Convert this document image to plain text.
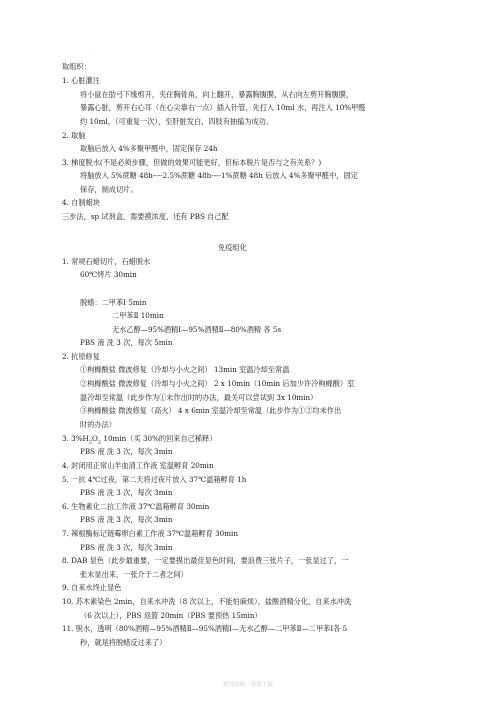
.
取组织：
1. 心脏灌注
将小鼠在肋弓下缘剪开，夹住胸骨角，向上翻开，暴露胸腹膜，从右向左剪开胸腹膜，
暴露心脏，剪开右心耳（在心尖靠右一点）插入针管，先打入 10ml 水，再注入 10%甲醛
约 10ml，（可重复一次），至肝脏发白，四肢有抽搐为成功。
2. 取脑
取脑后放入 4%多聚甲醛中，固定保存 24h
3. 梯度脱水(不是必须步骤，但做的效果可能更好，但标本脱片是否与之有关系？)
将脑放入 5%蔗糖 48h----2.5%蔗糖 48h----1%蔗糖 48h 后放入 4%多聚甲醛中，固定
保存，制成切片。
4. 自制蜡块
三步法，sp 试剂盒，需要摸浓度，还有 PBS 自己配
免疫组化
1. 常规石蜡切片，石蜡脱水
60℃烤片 30min
脱蜡：二甲苯Ⅰ 5min
二甲苯Ⅱ 10min
无水乙醇—95%酒精Ⅰ—95%酒精Ⅱ—80%酒精 各 5s
PBS 液 洗 3 次，每次 5min
2. 抗原修复
①枸橼酸盐 微波修复（冷却与小火之间） 13min 室温冷却至常温
②枸橼酸盐 微波修复（冷却与小火之间） 2 x 10min（10min 后加少许冷枸橼酸）室
温冷却至常温（此步作为①未作出时的办法，最关可以尝试到 3x 10min）
③枸橼酸盐 微波修复（高火） 4 x 6min 室温冷却至常温（此步作为①②均未作出
时的办法）
3. $3\%H_2O_2$ 10min（买 30%的回来自己稀释）
PBS 液 洗 3 次，每次 3min
4. 封闭用正常山羊血清工作液 室温孵育 20min
5. 一抗 4℃过夜，第二天将过夜片放入 37℃温箱孵育 1h
PBS 液 洗 3 次，每次 3min
6. 生物素化二抗工作液 37℃温箱孵育 30min
PBS 液 洗 3 次，每次 3min
7. 辣根酶标记链霉卵白素工作液 37℃温箱孵育 30min
PBS 液 洗 3 次，每次 3min
8. DAB 显色（此步最重要，一定要摸出最佳显色时间，要浪费三张片子，一张显过了，一
张未显出来，一张介于二者之间）
9. 自来水终止显色
10. 苏木素染色 2min，自来水冲洗（8 次以上，不能怕麻烦），盐酸酒精分化，自来水冲洗
（6 次以上），PBS 返篮 20min（PBS 要预热 15min）
11. 脱水，透明（80%酒精—95%酒精Ⅱ—95%酒精Ⅰ—无水乙醇—二甲苯Ⅱ—二甲苯Ⅰ各 5
秒，就是将脱蜡反过来了）
精选资料，欢迎下载
